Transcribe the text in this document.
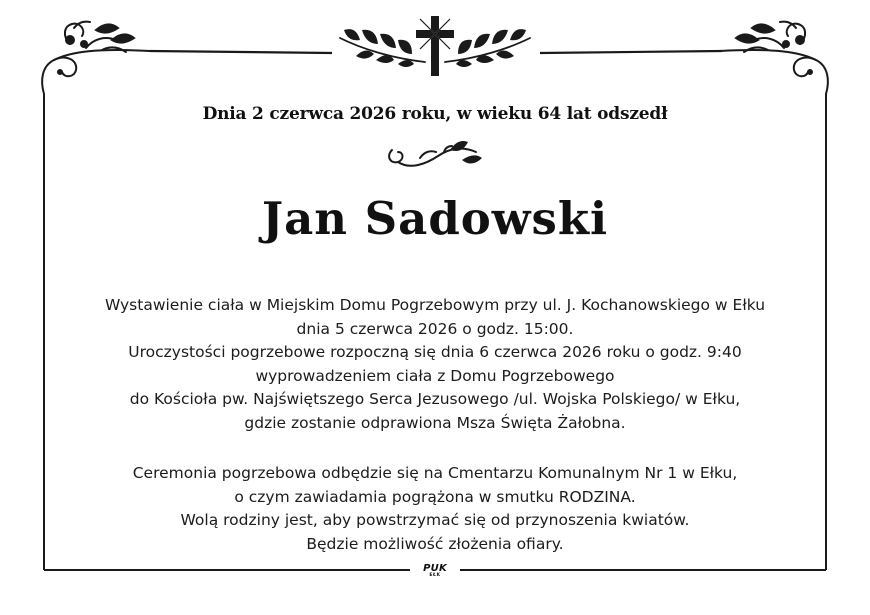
Dnia 2 czerwca 2026 roku, w wieku 64 lat odszedł
Jan Sadowski
Wystawienie ciała w Miejskim Domu Pogrzebowym przy ul. J. Kochanowskiego w Ełku
dnia 5 czerwca 2026 o godz. 15:00.
Uroczystości pogrzebowe rozpoczną się dnia 6 czerwca 2026 roku o godz. 9:40
wyprowadzeniem ciała z Domu Pogrzebowego
do Kościoła pw. Najświętszego Serca Jezusowego /ul. Wojska Polskiego/ w Ełku,
gdzie zostanie odprawiona Msza Święta Żałobna.
Ceremonia pogrzebowa odbędzie się na Cmentarzu Komunalnym Nr 1 w Ełku,
o czym zawiadamia pogrążona w smutku RODZINA.
Wolą rodziny jest, aby powstrzymać się od przynoszenia kwiatów.
Będzie możliwość złożenia ofiary.
PUK
EŁK
